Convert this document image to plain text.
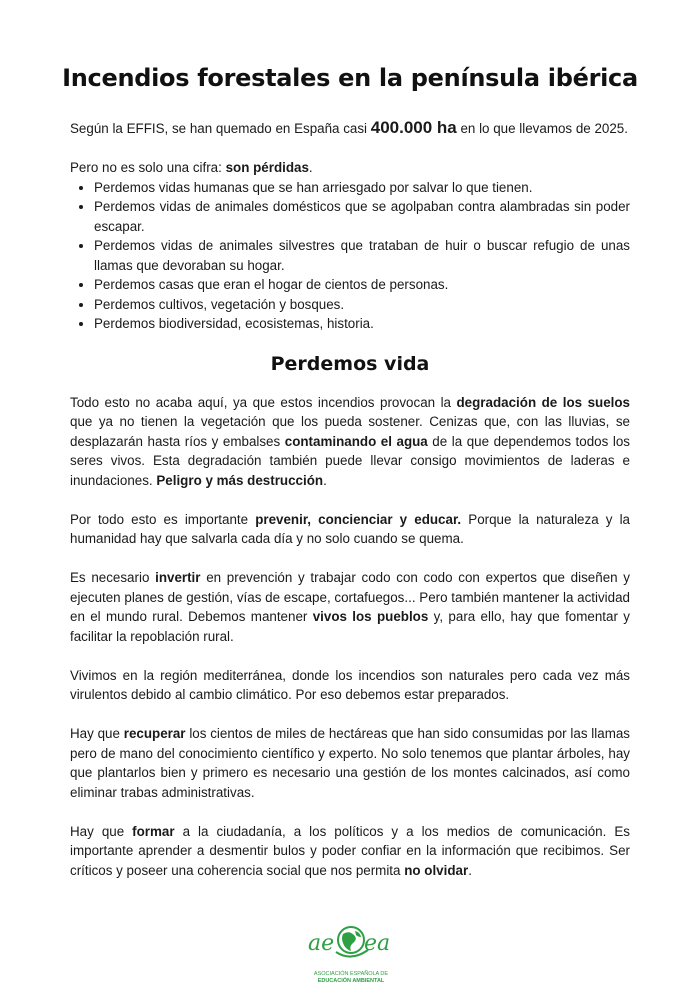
Incendios forestales en la península ibérica

Según la EFFIS, se han quemado en España casi 400.000 ha en lo que llevamos de 2025.

Pero no es solo una cifra: son pérdidas.

• Perdemos vidas humanas que se han arriesgado por salvar lo que tienen.
• Perdemos vidas de animales domésticos que se agolpaban contra alambradas sin poder escapar.
• Perdemos vidas de animales silvestres que trataban de huir o buscar refugio de unas llamas que devoraban su hogar.
• Perdemos casas que eran el hogar de cientos de personas.
• Perdemos cultivos, vegetación y bosques.
• Perdemos biodiversidad, ecosistemas, historia.
Perdemos vida

Todo esto no acaba aquí, ya que estos incendios provocan la degradación de los suelos que ya no tienen la vegetación que los pueda sostener. Cenizas que, con las lluvias, se desplazarán hasta ríos y embalses contaminando el agua de la que dependemos todos los seres vivos. Esta degradación también puede llevar consigo movimientos de laderas e inundaciones. Peligro y más destrucción.

Por todo esto es importante prevenir, concienciar y educar. Porque la naturaleza y la humanidad hay que salvarla cada día y no solo cuando se quema.

Es necesario invertir en prevención y trabajar codo con codo con expertos que diseñen y ejecuten planes de gestión, vías de escape, cortafuegos... Pero también mantener la actividad en el mundo rural. Debemos mantener vivos los pueblos y, para ello, hay que fomentar y facilitar la repoblación rural.

Vivimos en la región mediterránea, donde los incendios son naturales pero cada vez más virulentos debido al cambio climático. Por eso debemos estar preparados.

Hay que recuperar los cientos de miles de hectáreas que han sido consumidas por las llamas pero de mano del conocimiento científico y experto. No solo tenemos que plantar árboles, hay que plantarlos bien y primero es necesario una gestión de los montes calcinados, así como eliminar trabas administrativas.

Hay que formar a la ciudadanía, a los políticos y a los medios de comunicación. Es importante aprender a desmentir bulos y poder confiar en la información que recibimos. Ser críticos y poseer una coherencia social que nos permita no olvidar.

ae ea
ASOCIACIÓN ESPAÑOLA DE
EDUCACIÓN AMBIENTAL
